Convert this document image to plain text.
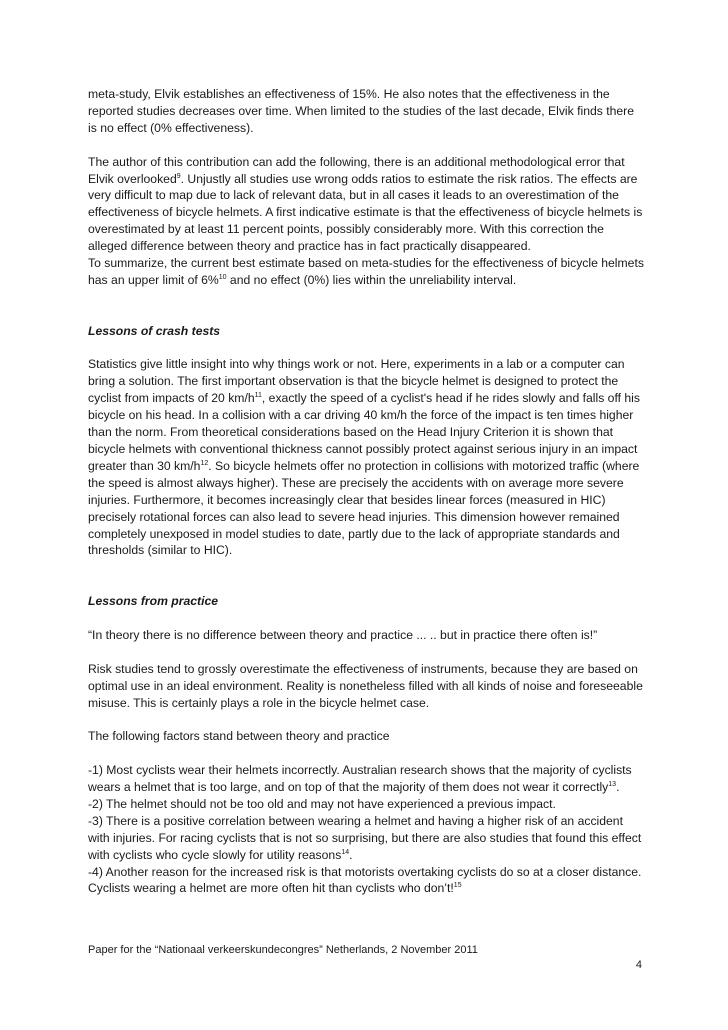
meta-study, Elvik establishes an effectiveness of 15%. He also notes that the effectiveness in the reported studies decreases over time. When limited to the studies of the last decade, Elvik finds there is no effect (0% effectiveness).

The author of this contribution can add the following, there is an additional methodological error that Elvik overlooked$^9$. Unjustly all studies use wrong odds ratios to estimate the risk ratios. The effects are very difficult to map due to lack of relevant data, but in all cases it leads to an overestimation of the effectiveness of bicycle helmets. A first indicative estimate is that the effectiveness of bicycle helmets is overestimated by at least 11 percent points, possibly considerably more. With this correction the alleged difference between theory and practice has in fact practically disappeared.

To summarize, the current best estimate based on meta-studies for the effectiveness of bicycle helmets has an upper limit of 6%$^{10}$ and no effect (0%) lies within the unreliability interval.

Lessons of crash tests

Statistics give little insight into why things work or not. Here, experiments in a lab or a computer can bring a solution. The first important observation is that the bicycle helmet is designed to protect the cyclist from impacts of 20 $km/h^{11}$, exactly the speed of a cyclist's head if he rides slowly and falls off his bicycle on his head. In a collision with a car driving 40 km/h the force of the impact is ten times higher than the norm. From theoretical considerations based on the Head Injury Criterion it is shown that bicycle helmets with conventional thickness cannot possibly protect against serious injury in an impact greater than 30 $km/h^{12}$. So bicycle helmets offer no protection in collisions with motorized traffic (where the speed is almost always higher). These are precisely the accidents with on average more severe injuries. Furthermore, it becomes increasingly clear that besides linear forces (measured in HIC) precisely rotational forces can also lead to severe head injuries. This dimension however remained completely unexposed in model studies to date, partly due to the lack of appropriate standards and thresholds (similar to HIC).

Lessons from practice

“In theory there is no difference between theory and practice ... .. but in practice there often is!”

Risk studies tend to grossly overestimate the effectiveness of instruments, because they are based on optimal use in an ideal environment. Reality is nonetheless filled with all kinds of noise and foreseeable misuse. This is certainly plays a role in the bicycle helmet case.

The following factors stand between theory and practice

-1) Most cyclists wear their helmets incorrectly. Australian research shows that the majority of cyclists wears a helmet that is too large, and on top of that the majority of them does not wear it correctly$^{13}$.

-2) The helmet should not be too old and may not have experienced a previous impact.

-3) There is a positive correlation between wearing a helmet and having a higher risk of an accident with injuries. For racing cyclists that is not so surprising, but there are also studies that found this effect with cyclists who cycle slowly for utility reasons$^{14}$.

-4) Another reason for the increased risk is that motorists overtaking cyclists do so at a closer distance. Cyclists wearing a helmet are more often hit than cyclists who don’t!$^{15}$

Paper for the “Nationaal verkeerskundecongres” Netherlands, 2 November 2011
4
